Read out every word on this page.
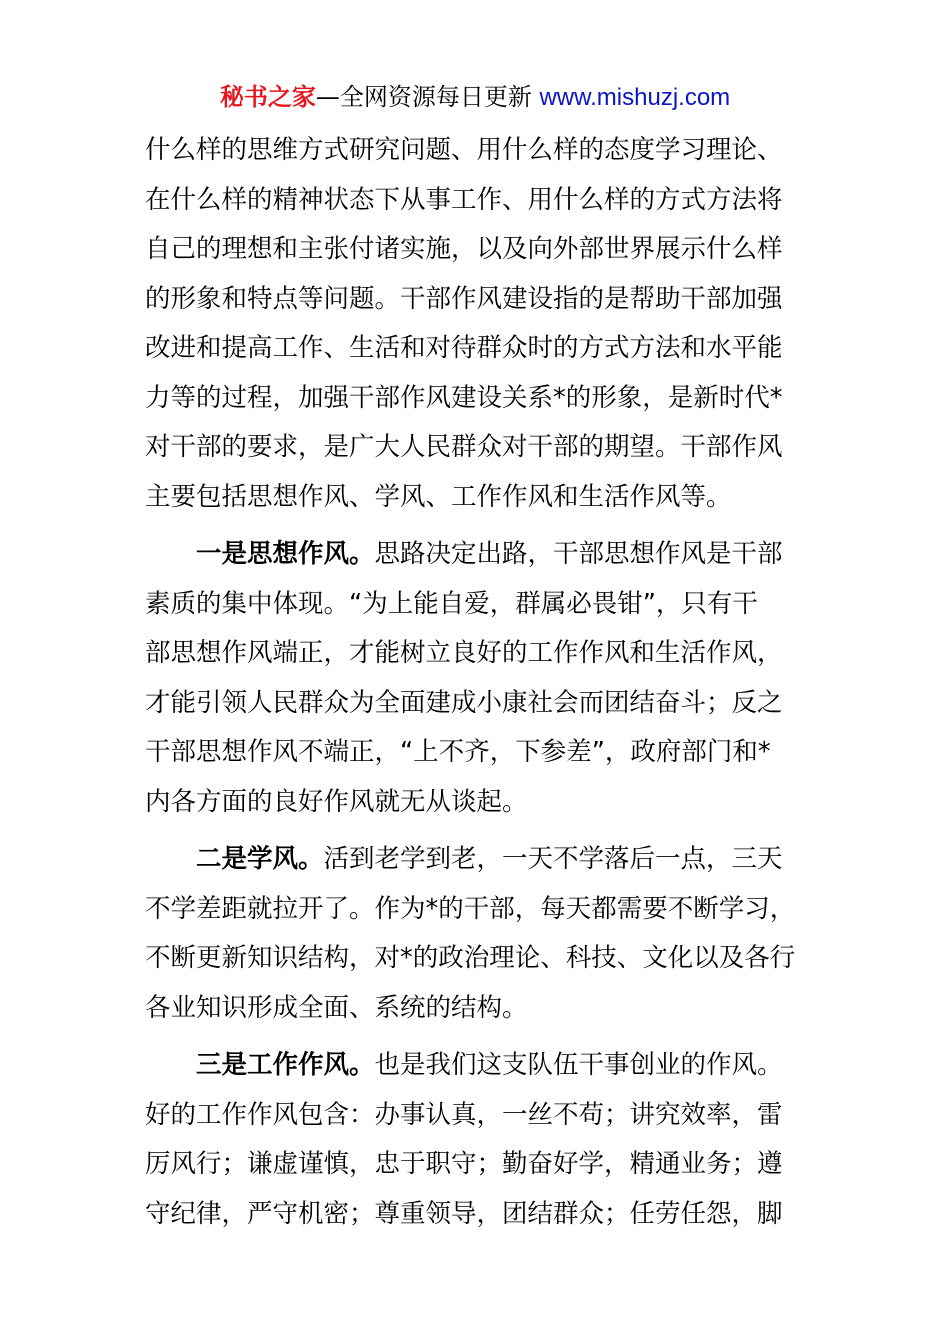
秘书之家—全网资源每日更新 www.mishuzj.com

什么样的思维方式研究问题、用什么样的态度学习理论、
在什么样的精神状态下从事工作、用什么样的方式方法将
自己的理想和主张付诸实施，以及向外部世界展示什么样
的形象和特点等问题。干部作风建设指的是帮助干部加强
改进和提高工作、生活和对待群众时的方式方法和水平能
力等的过程，加强干部作风建设关系*的形象，是新时代*
对干部的要求，是广大人民群众对干部的期望。干部作风
主要包括思想作风、学风、工作作风和生活作风等。

一是思想作风。思路决定出路，干部思想作风是干部
素质的集中体现。“为上能自爱，群属必畏钳”，只有干
部思想作风端正，才能树立良好的工作作风和生活作风，
才能引领人民群众为全面建成小康社会而团结奋斗；反之
干部思想作风不端正，“上不齐，下参差”，政府部门和*
内各方面的良好作风就无从谈起。

二是学风。活到老学到老，一天不学落后一点，三天
不学差距就拉开了。作为*的干部，每天都需要不断学习，
不断更新知识结构，对*的政治理论、科技、文化以及各行
各业知识形成全面、系统的结构。

三是工作作风。也是我们这支队伍干事创业的作风。
好的工作作风包含：办事认真，一丝不苟；讲究效率，雷
厉风行；谦虚谨慎，忠于职守；勤奋好学，精通业务；遵
守纪律，严守机密；尊重领导，团结群众；任劳任怨，脚
